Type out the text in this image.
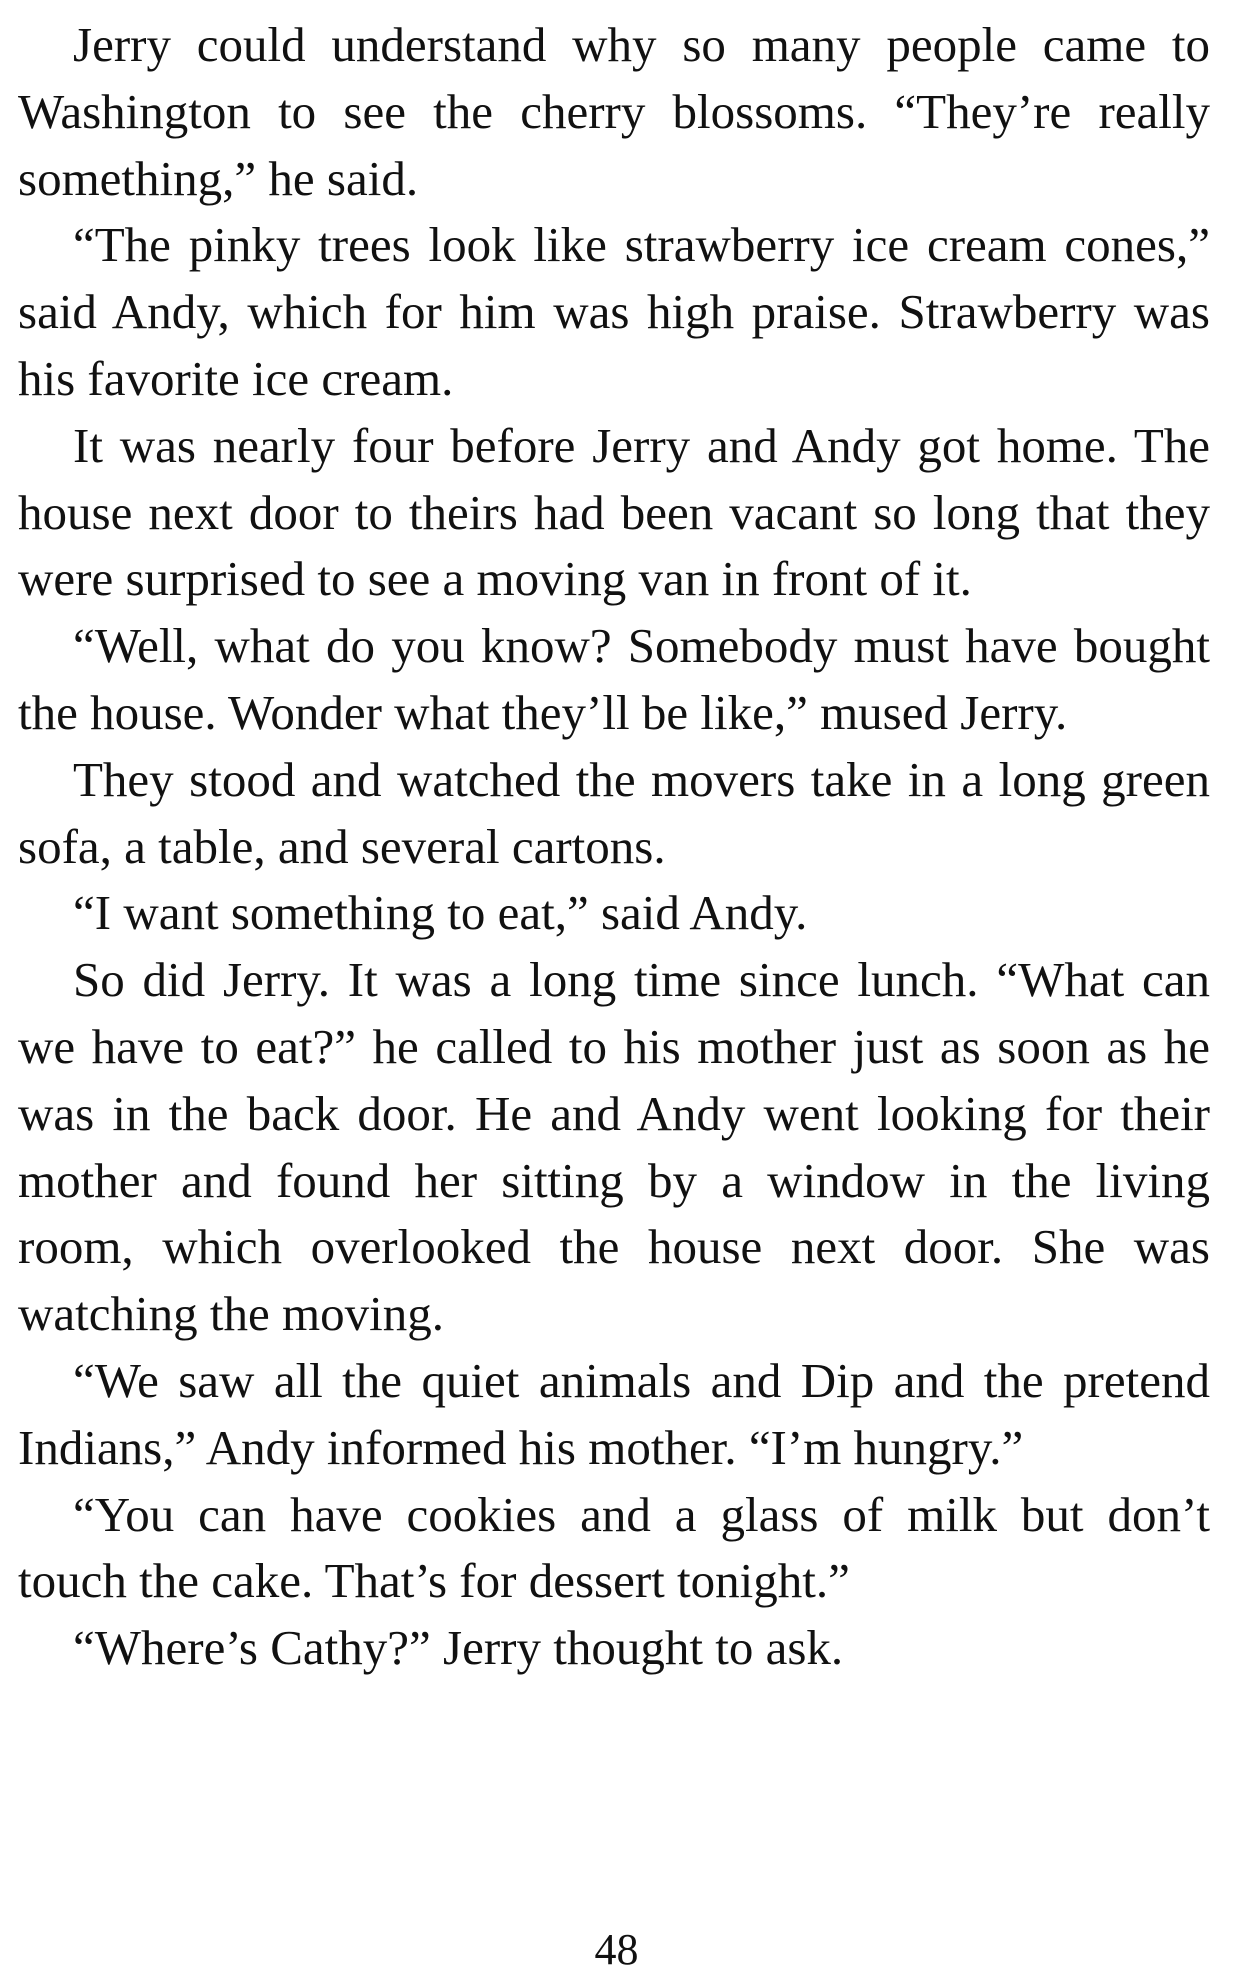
Jerry could understand why so many people came to Washington to see the cherry blossoms. “They’re really something,” he said.

“The pinky trees look like strawberry ice cream cones,” said Andy, which for him was high praise. Strawberry was his favorite ice cream.

It was nearly four before Jerry and Andy got home. The house next door to theirs had been vacant so long that they were surprised to see a moving van in front of it.

“Well, what do you know? Somebody must have bought the house. Wonder what they’ll be like,” mused Jerry.

They stood and watched the movers take in a long green sofa, a table, and several cartons.

“I want something to eat,” said Andy.

So did Jerry. It was a long time since lunch. “What can we have to eat?” he called to his mother just as soon as he was in the back door. He and Andy went looking for their mother and found her sitting by a window in the living room, which overlooked the house next door. She was watching the moving.

“We saw all the quiet animals and Dip and the pretend Indians,” Andy informed his mother. “I’m hungry.”

“You can have cookies and a glass of milk but don’t touch the cake. That’s for dessert tonight.”

“Where’s Cathy?” Jerry thought to ask.

48
